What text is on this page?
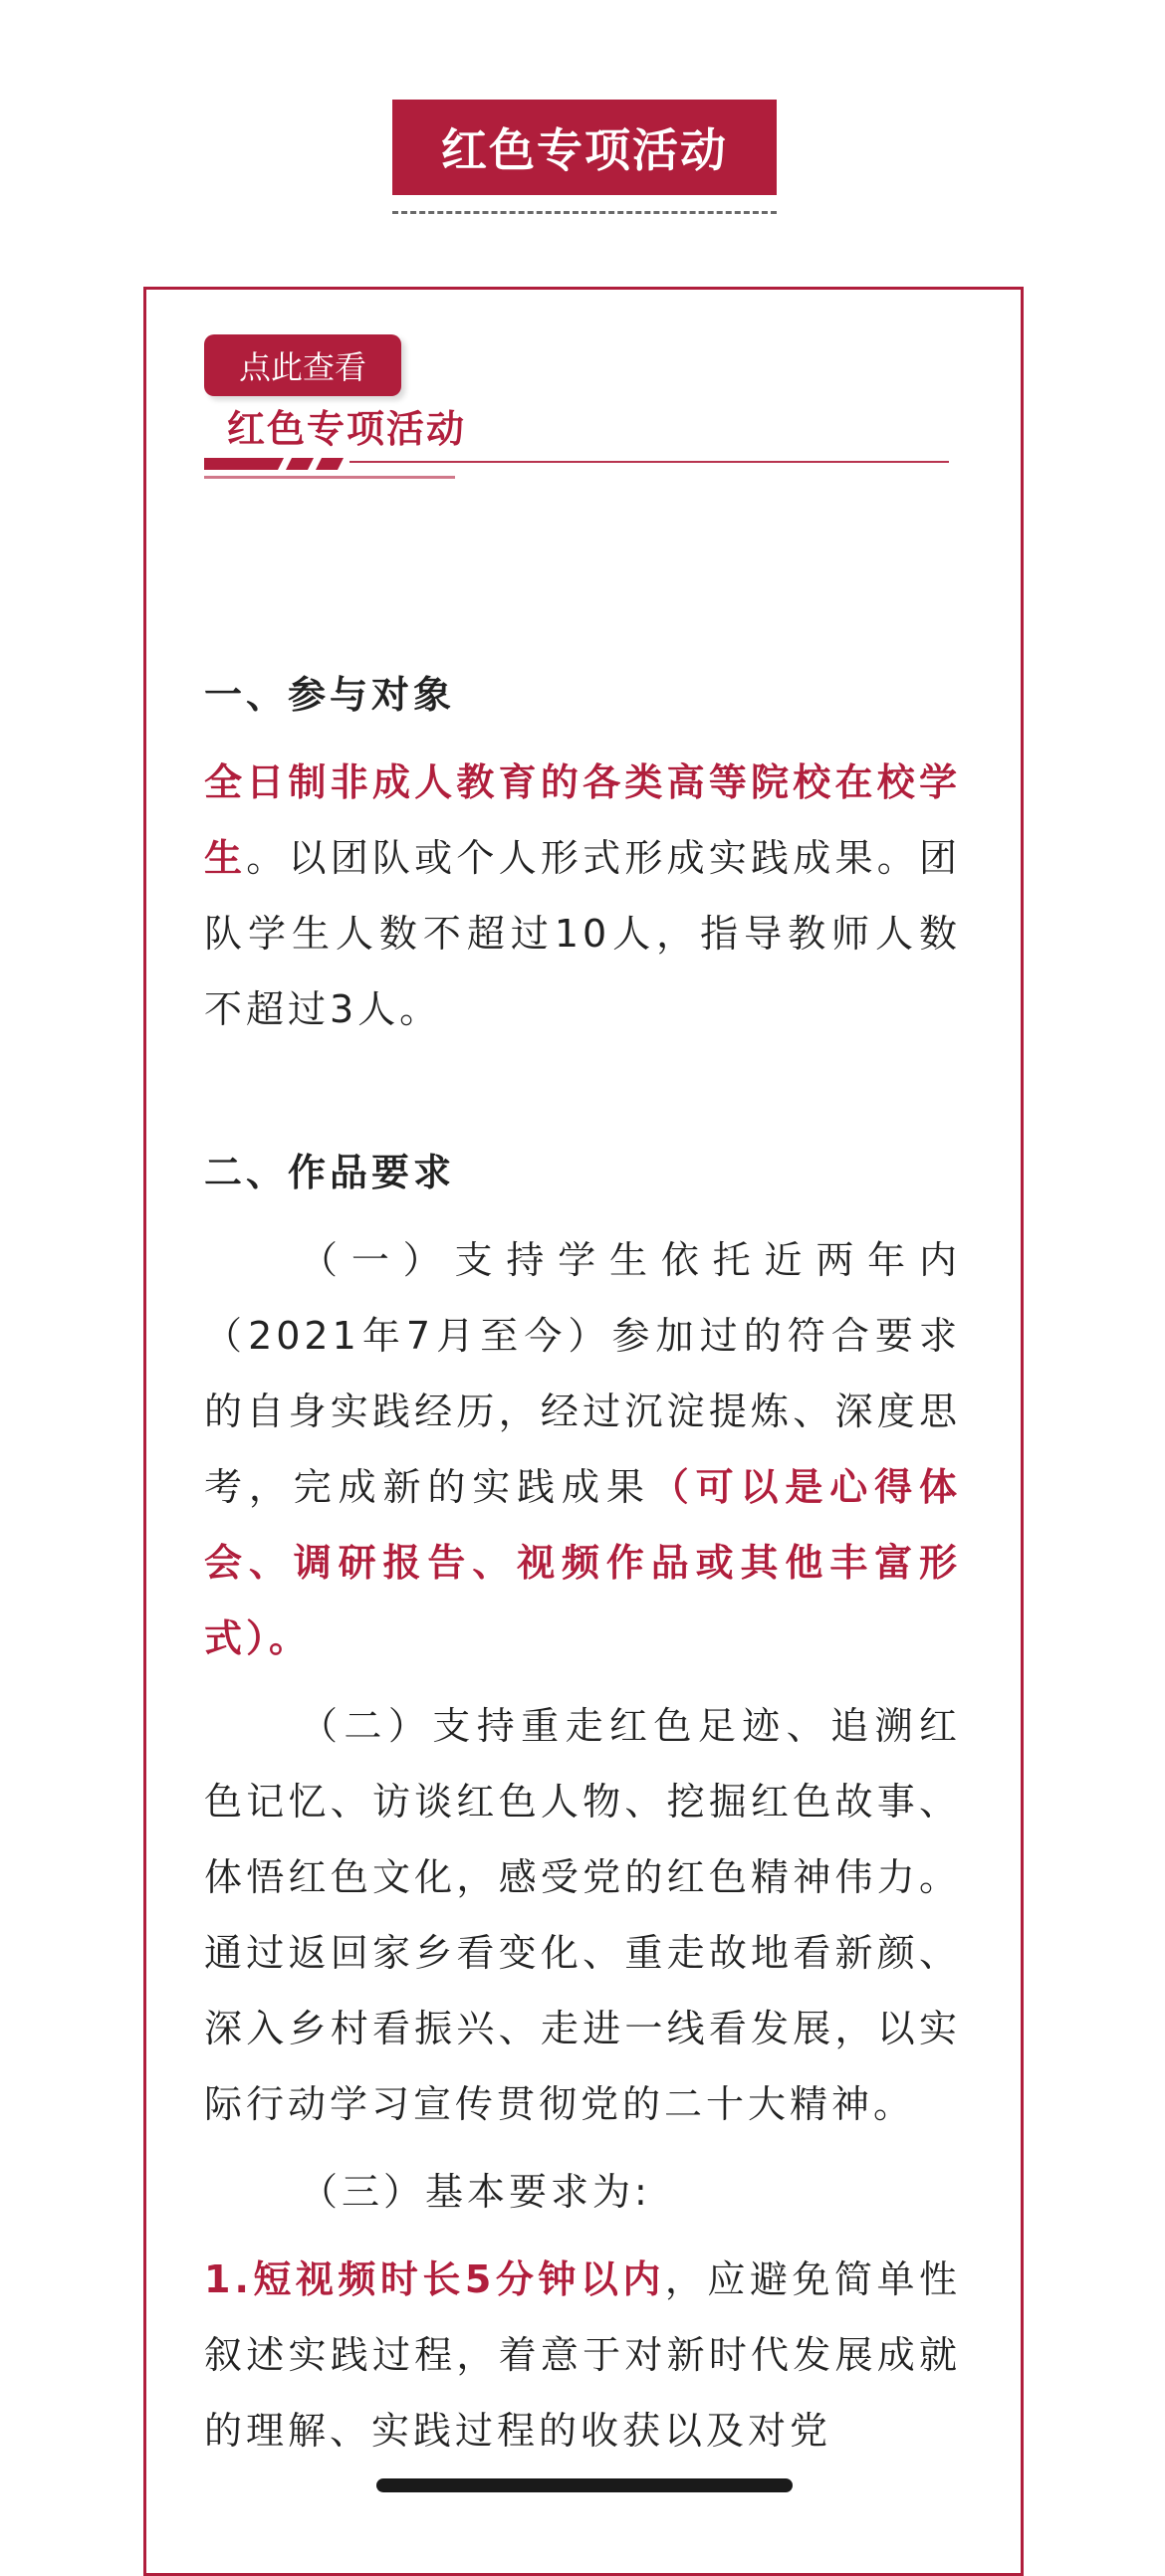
红色专项活动
点此查看
红色专项活动

一、参与对象

全日制非成人教育的各类高等院校在校学生。以团队或个人形式形成实践成果。团队学生人数不超过10人，指导教师人数不超过3人。

二、作品要求

（一）支持学生依托近两年内（2021年7月至今）参加过的符合要求的自身实践经历，经过沉淀提炼、深度思考，完成新的实践成果（可以是心得体会、调研报告、视频作品或其他丰富形式）。

（二）支持重走红色足迹、追溯红色记忆、访谈红色人物、挖掘红色故事、体悟红色文化，感受党的红色精神伟力。通过返回家乡看变化、重走故地看新颜、深入乡村看振兴、走进一线看发展，以实际行动学习宣传贯彻党的二十大精神。

（三）基本要求为:

1.短视频时长5分钟以内，应避免简单性叙述实践过程，着意于对新时代发展成就的理解、实践过程的收获以及对党
